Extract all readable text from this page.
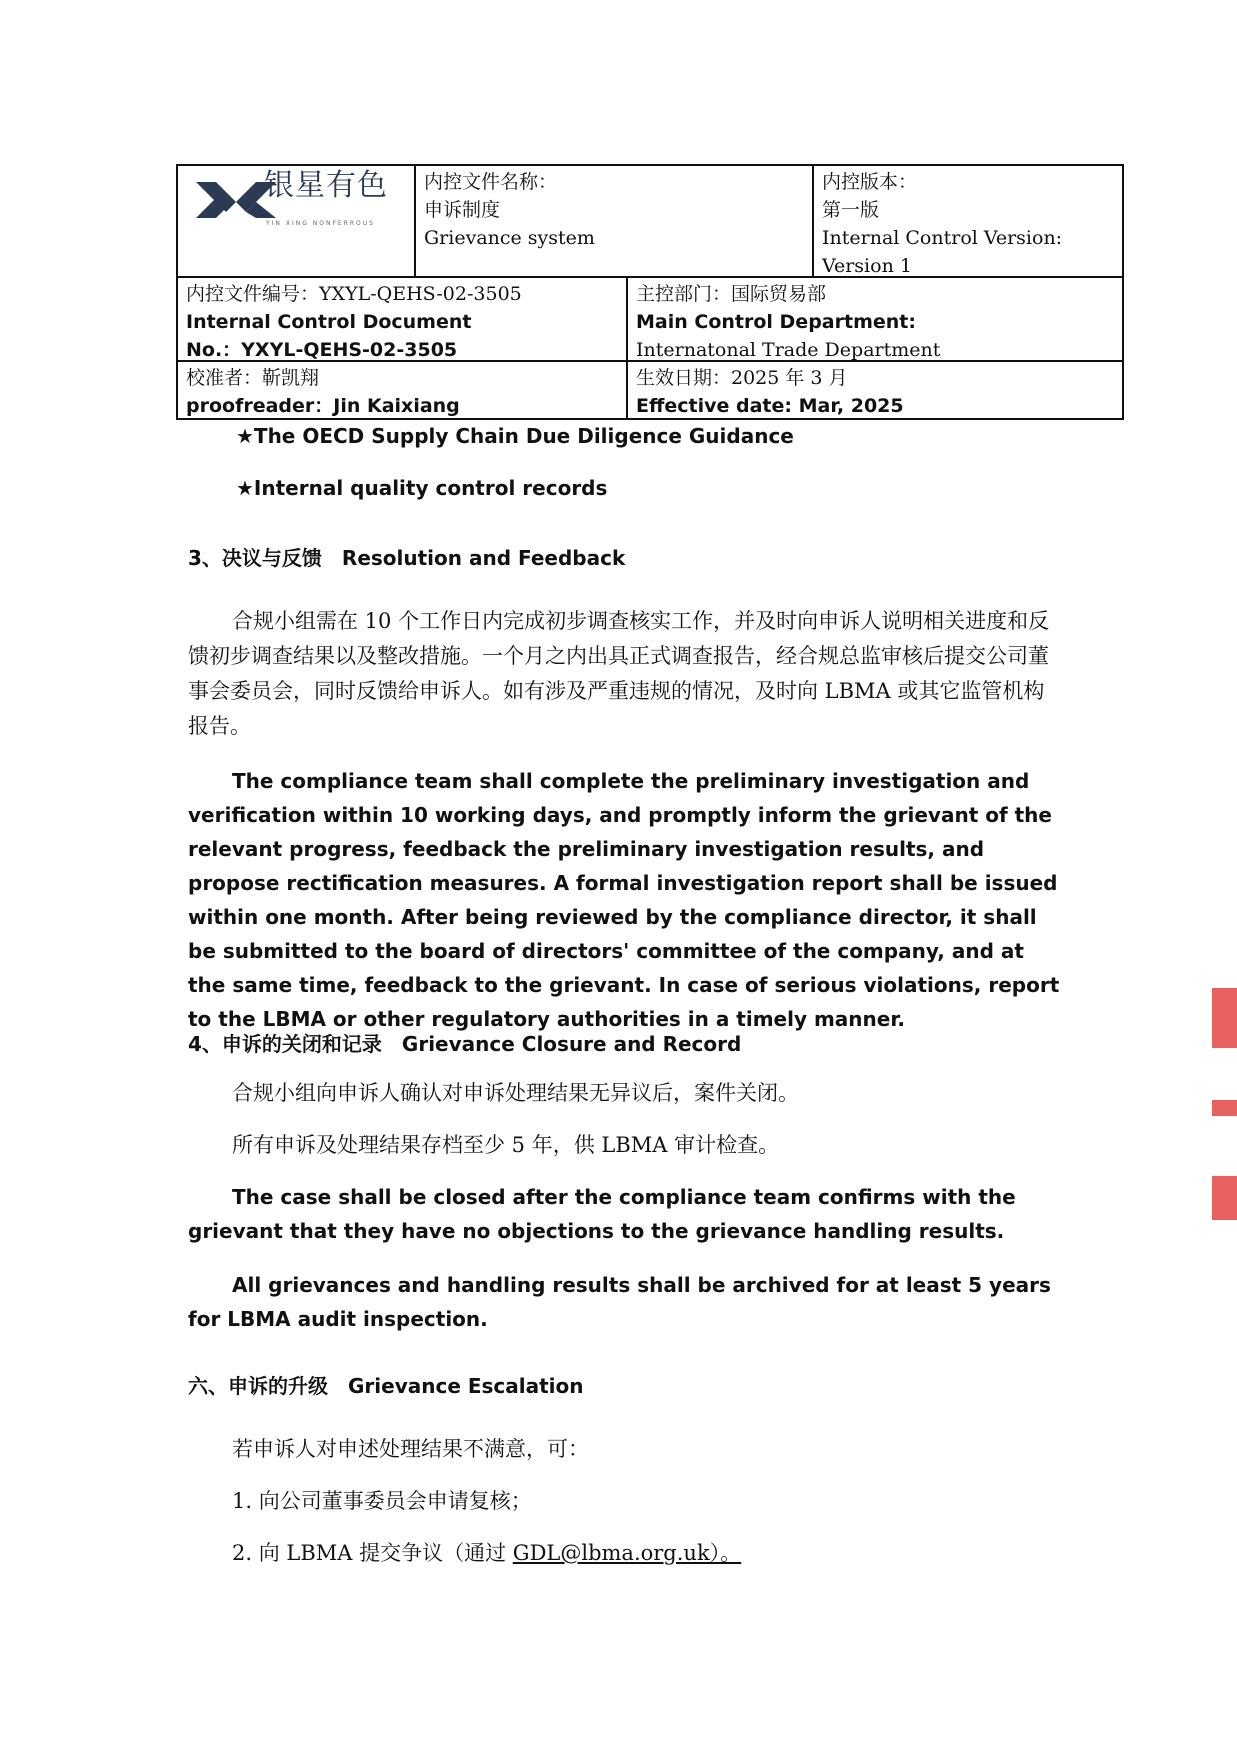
银星有色
YIN XING NONFERROUS
内控文件名称：
申诉制度
Grievance system
内控版本：
第一版
Internal Control Version:
Version 1
内控文件编号：YXYL-QEHS-02-3505
Internal Control Document
No.：YXYL-QEHS-02-3505
主控部门：国际贸易部
Main Control Department:
Internatonal Trade Department
校准者：靳凯翔
proofreader：Jin Kaixiang
生效日期：2025 年 3 月
Effective date: Mar, 2025
★The OECD Supply Chain Due Diligence Guidance
★Internal quality control records
3、决议与反馈　Resolution and Feedback
合规小组需在 10 个工作日内完成初步调查核实工作，并及时向申诉人说明相关进度和反馈初步调查结果以及整改措施。一个月之内出具正式调查报告，经合规总监审核后提交公司董事会委员会，同时反馈给申诉人。如有涉及严重违规的情况，及时向 LBMA 或其它监管机构报告。
The compliance team shall complete the preliminary investigation and verification within 10 working days, and promptly inform the grievant of the relevant progress, feedback the preliminary investigation results, and propose rectification measures. A formal investigation report shall be issued within one month. After being reviewed by the compliance director, it shall be submitted to the board of directors' committee of the company, and at the same time, feedback to the grievant. In case of serious violations, report to the LBMA or other regulatory authorities in a timely manner.
4、申诉的关闭和记录　Grievance Closure and Record
合规小组向申诉人确认对申诉处理结果无异议后，案件关闭。
所有申诉及处理结果存档至少 5 年，供 LBMA 审计检查。
The case shall be closed after the compliance team confirms with the grievant that they have no objections to the grievance handling results.
All grievances and handling results shall be archived for at least 5 years for LBMA audit inspection.
六、申诉的升级　Grievance Escalation
若申诉人对申述处理结果不满意，可：
1. 向公司董事委员会申请复核；
2. 向 LBMA 提交争议（通过 GDL@lbma.org.uk）。
